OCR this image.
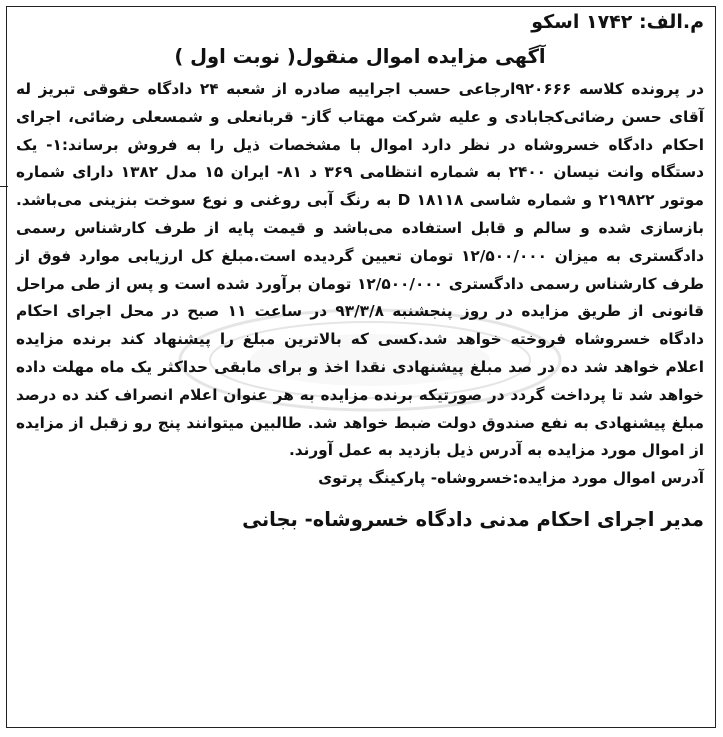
م.الف: ۱۷۴۲ اسکو

آگهی مزایده اموال منقول( نوبت اول )

در پرونده کلاسه ۹۲۰۶۶۶ارجاعی حسب اجراییه صادره از شعبه ۲۴ دادگاه حقوقی تبریز له آقای حسن رضائی‌کجابادی و علیه شرکت مهتاب گاز- قربانعلی و شمسعلی رضائی، اجرای احکام دادگاه خسروشاه در نظر دارد اموال با مشخصات ذیل را به فروش برساند:۱- یک دستگاه وانت نیسان ۲۴۰۰ به شماره انتظامی ۳۶۹ د ۸۱- ایران ۱۵ مدل ۱۳۸۲ دارای شماره موتور ۲۱۹۸۲۲ و شماره شاسی D ۱۸۱۱۸ به رنگ آبی روغنی و نوع سوخت بنزینی می‌باشد. بازسازی شده و سالم و قابل استفاده می‌باشد و قیمت پایه از طرف کارشناس رسمی دادگستری به میزان ۱۲/۵۰۰/۰۰۰ تومان تعیین گردیده است.مبلغ کل ارزیابی موارد فوق از طرف کارشناس رسمی دادگستری ۱۲/۵۰۰/۰۰۰ تومان برآورد شده است و پس از طی مراحل قانونی از طریق مزایده در روز پنجشنبه ۹۳/۳/۸ در ساعت ۱۱ صبح در محل اجرای احکام دادگاه خسروشاه فروخته خواهد شد.کسی که بالاترین مبلغ را پیشنهاد کند برنده مزایده اعلام خواهد شد ده در صد مبلغ پیشنهادی نقدا اخذ و برای مابقی حداکثر یک ماه مهلت داده خواهد شد تا پرداخت گردد در صورتیکه برنده مزایده به هر عنوان اعلام انصراف کند ده درصد مبلغ پیشنهادی به نفع صندوق دولت ضبط خواهد شد. طالبین میتوانند پنج رو زقبل از مزایده از اموال مورد مزایده به آدرس ذیل بازدید به عمل آورند.

آدرس اموال مورد مزایده:خسروشاه- پارکینگ پرتوی

مدیر اجرای احکام مدنی دادگاه خسروشاه- بجانی
